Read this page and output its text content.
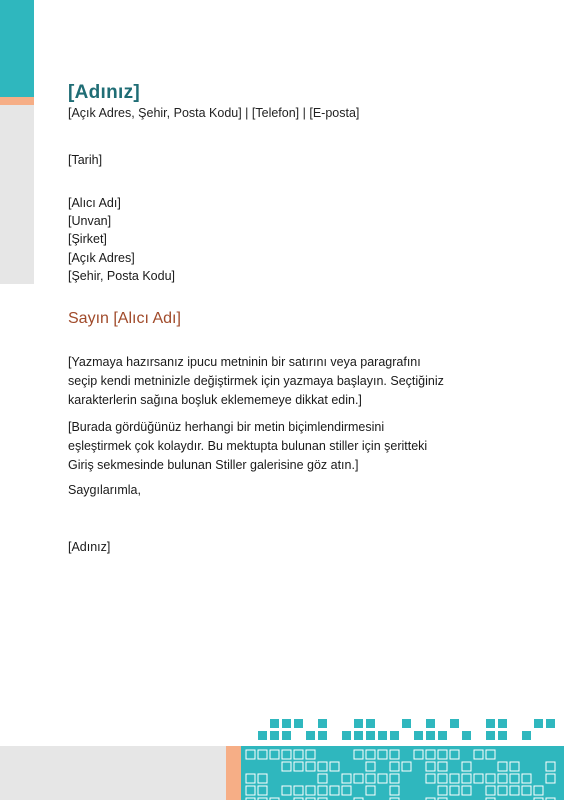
[Adınız]
[Açık Adres, Şehir, Posta Kodu] | [Telefon] | [E-posta]
[Tarih]
[Alıcı Adı]
[Unvan]
[Şirket]
[Açık Adres]
[Şehir, Posta Kodu]
Sayın [Alıcı Adı]
[Yazmaya hazırsanız ipucu metninin bir satırını veya paragrafını seçip kendi metninizle değiştirmek için yazmaya başlayın. Seçtiğiniz karakterlerin sağına boşluk eklememeye dikkat edin.]
[Burada gördüğünüz herhangi bir metin biçimlendirmesini eşleştirmek çok kolaydır. Bu mektupta bulunan stiller için şeritteki Giriş sekmesinde bulunan Stiller galerisine göz atın.]
Saygılarımla,
[Adınız]
